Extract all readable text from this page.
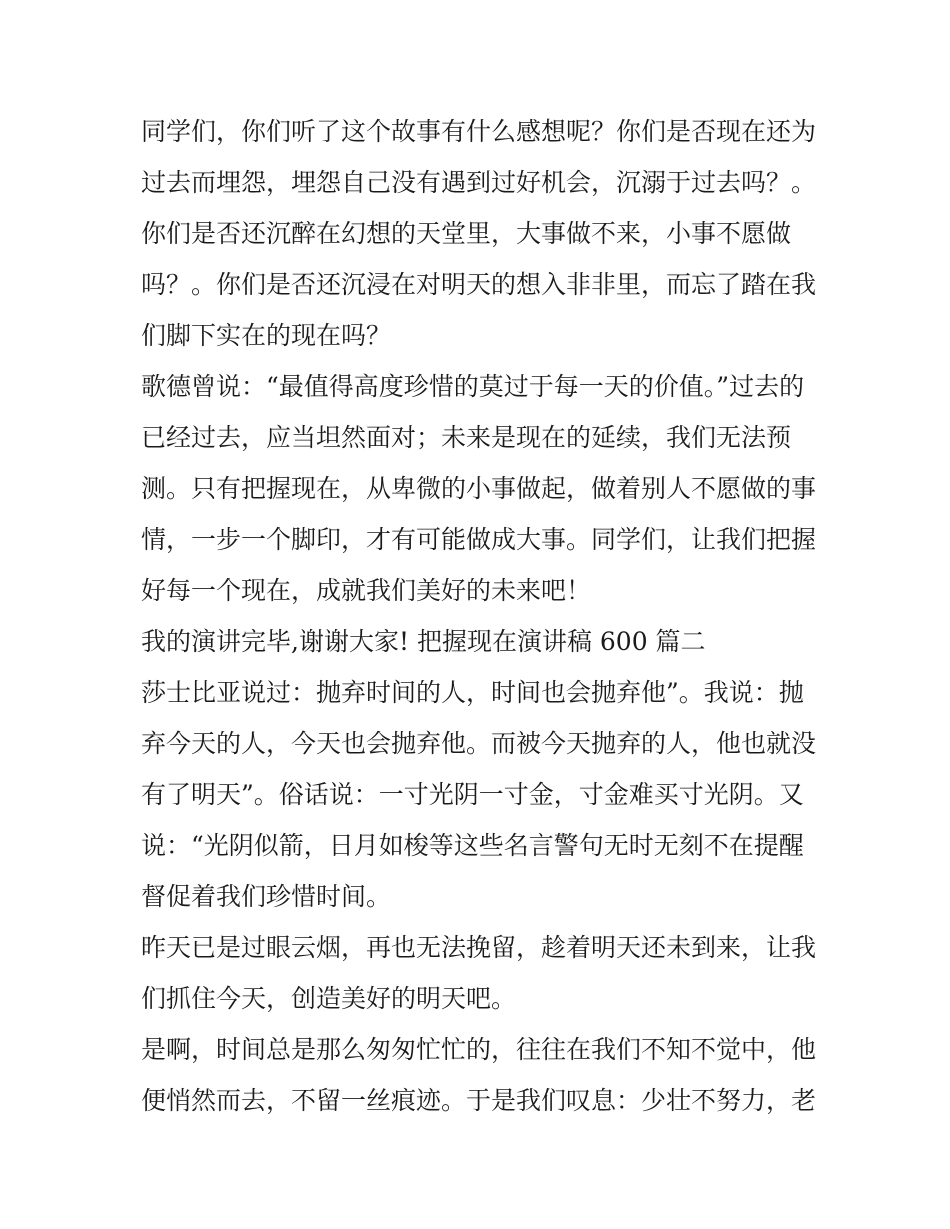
同学们，你们听了这个故事有什么感想呢？你们是否现在还为
过去而埋怨，埋怨自己没有遇到过好机会，沉溺于过去吗？。
你们是否还沉醉在幻想的天堂里，大事做不来，小事不愿做
吗？。你们是否还沉浸在对明天的想入非非里，而忘了踏在我
们脚下实在的现在吗？

歌德曾说：“最值得高度珍惜的莫过于每一天的价值。”过去的
已经过去，应当坦然面对；未来是现在的延续，我们无法预
测。只有把握现在，从卑微的小事做起，做着别人不愿做的事
情，一步一个脚印，才有可能做成大事。同学们，让我们把握
好每一个现在，成就我们美好的未来吧！

我的演讲完毕,谢谢大家! 把握现在演讲稿 600 篇二

莎士比亚说过：抛弃时间的人，时间也会抛弃他”。我说：抛
弃今天的人，今天也会抛弃他。而被今天抛弃的人，他也就没
有了明天”。俗话说：一寸光阴一寸金，寸金难买寸光阴。又
说：“光阴似箭，日月如梭等这些名言警句无时无刻不在提醒
督促着我们珍惜时间。

昨天已是过眼云烟，再也无法挽留，趁着明天还未到来，让我
们抓住今天，创造美好的明天吧。

是啊，时间总是那么匆匆忙忙的，往往在我们不知不觉中，他
便悄然而去，不留一丝痕迹。于是我们叹息：少壮不努力，老
